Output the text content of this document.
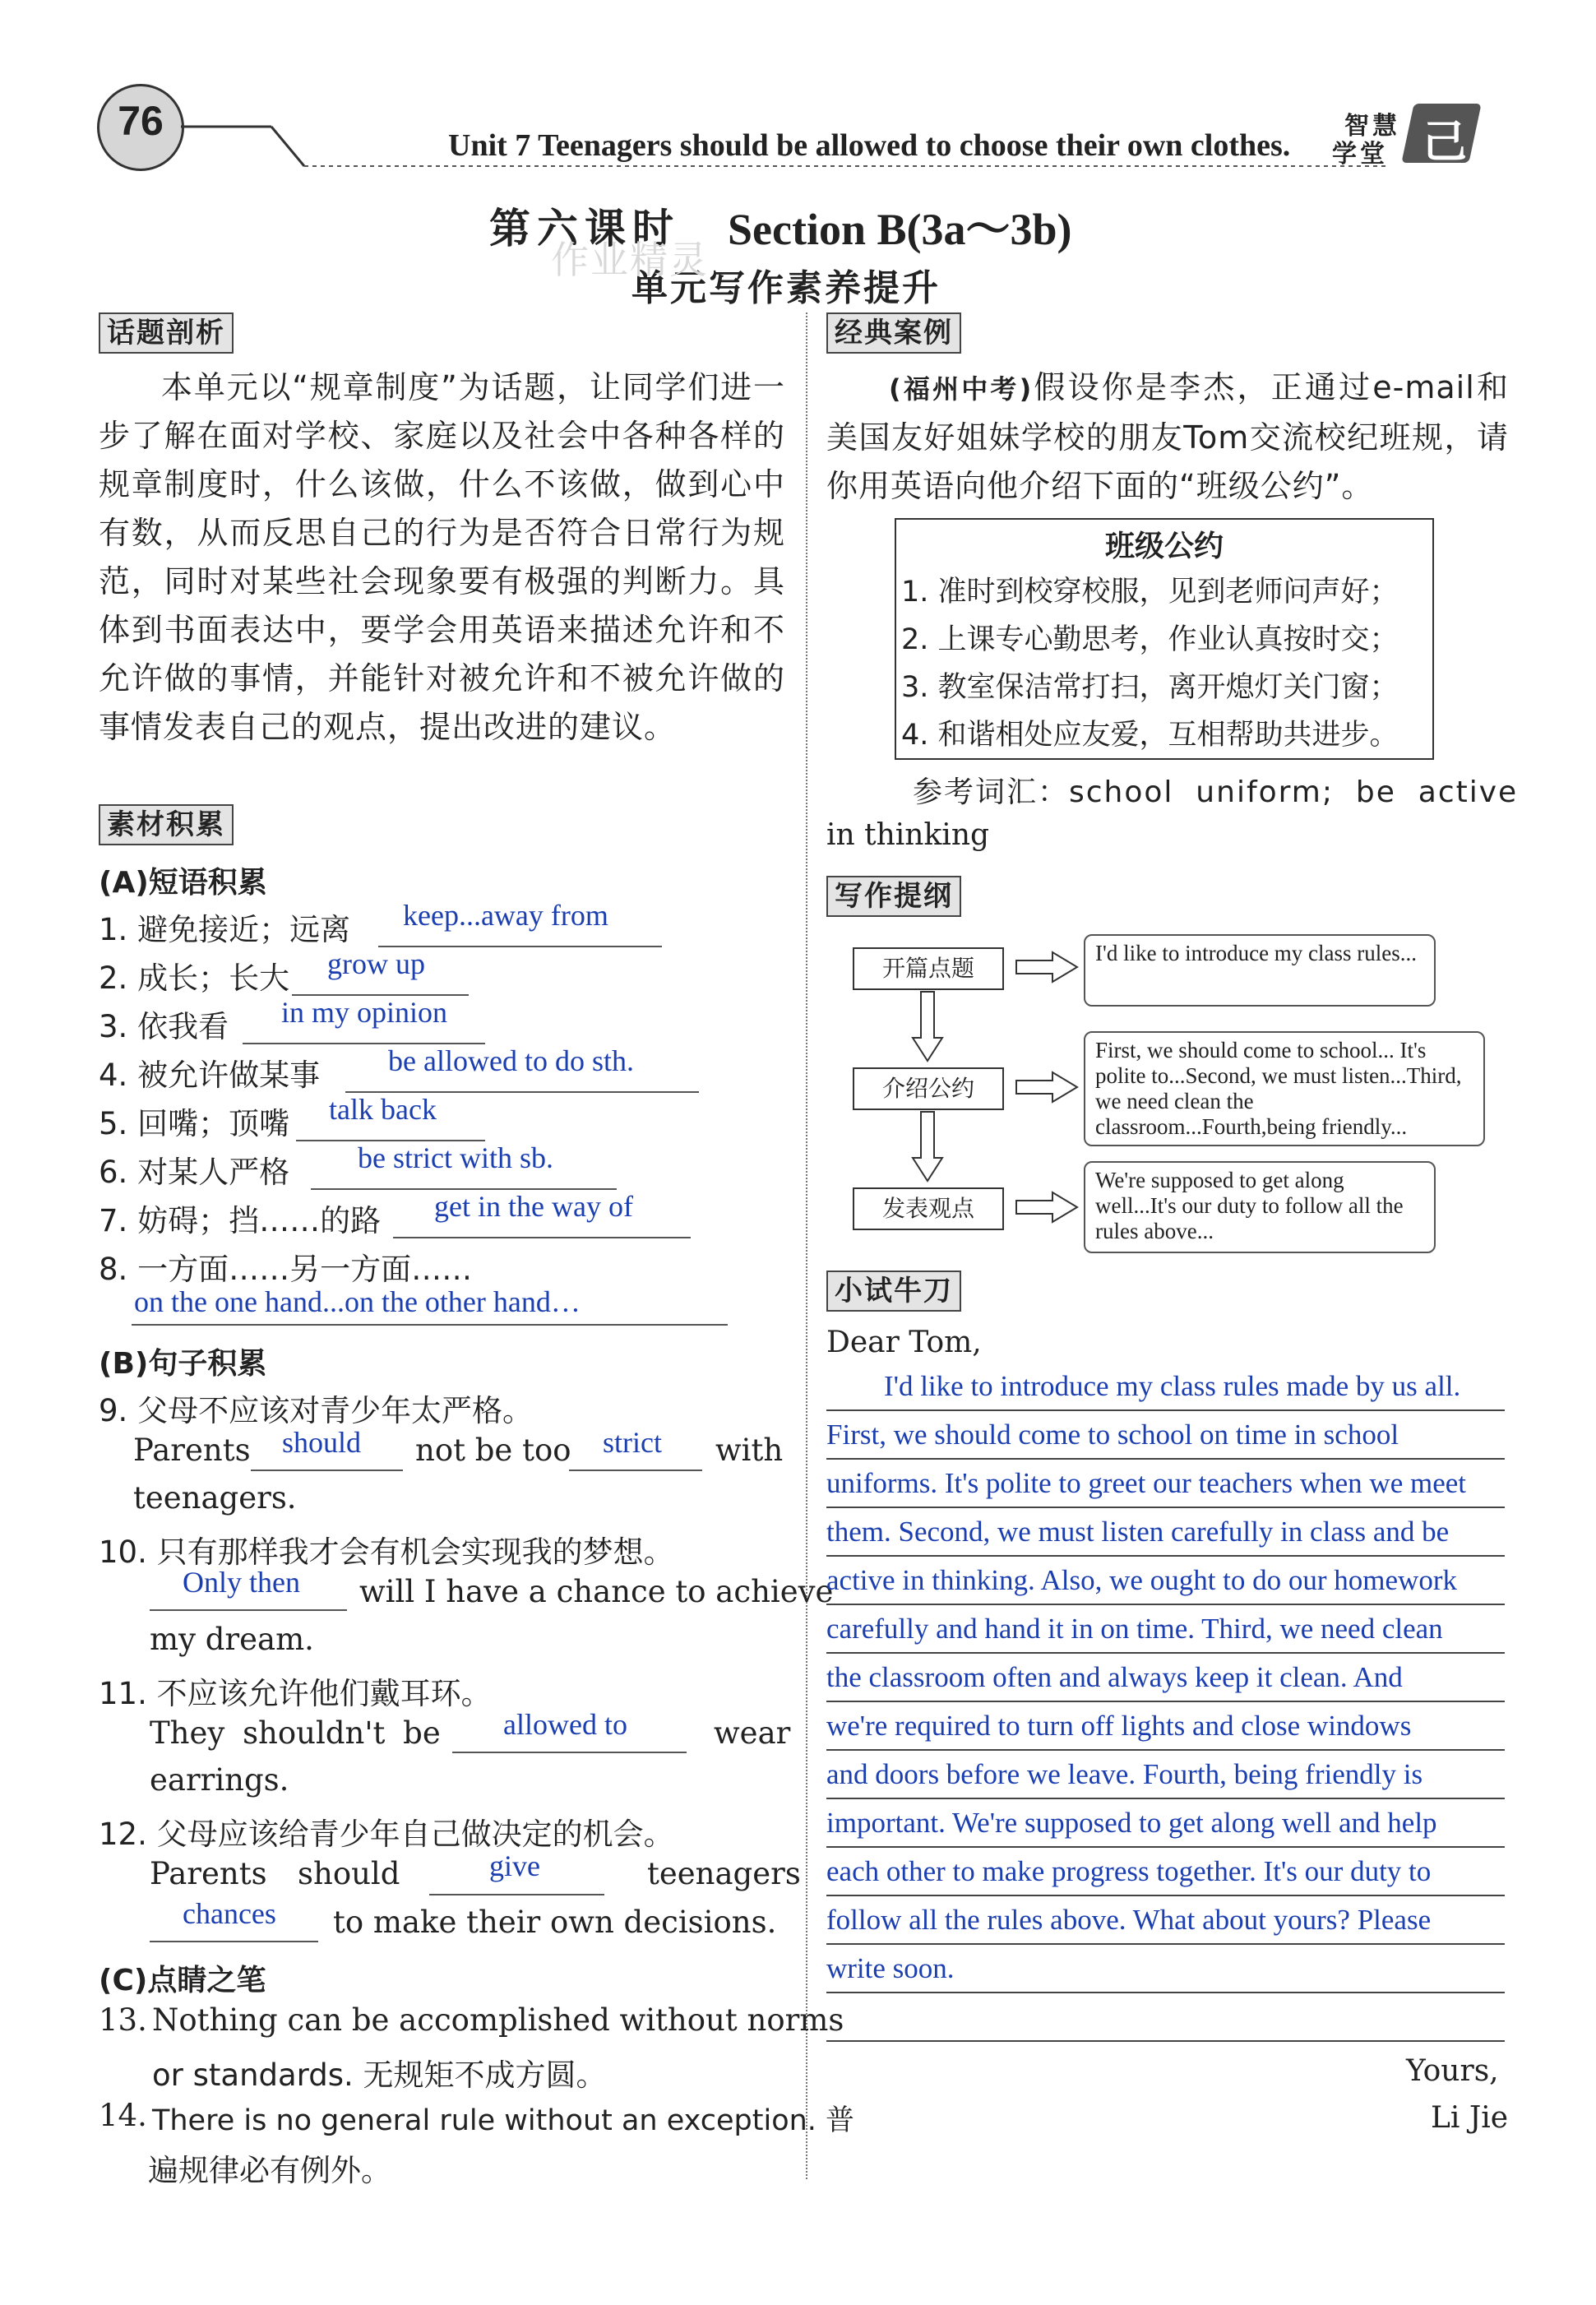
76
Unit 7 Teenagers should be allowed to choose their own clothes.
智慧
学堂 己
第六课时 Section B(3a～3b)
单元写作素养提升
作业精灵
话题剖析
本单元以“规章制度”为话题，让同学们进一步了解在面对学校、家庭以及社会中各种各样的规章制度时，什么该做，什么不该做，做到心中有数，从而反思自己的行为是否符合日常行为规范，同时对某些社会现象要有极强的判断力。具体到书面表达中，要学会用英语来描述允许和不允许做的事情，并能针对被允许和不被允许做的事情发表自己的观点，提出改进的建议。
素材积累
(A)短语积累
1. 避免接近；远离 keep...away from
2. 成长；长大 grow up
3. 依我看 in my opinion
4. 被允许做某事 be allowed to do sth.
5. 回嘴；顶嘴 talk back
6. 对某人严格 be strict with sb.
7. 妨碍；挡……的路 get in the way of
8. 一方面……另一方面……
on the one hand...on the other hand…
(B)句子积累
9. 父母不应该对青少年太严格。
Parents should not be too strict with
teenagers.
10. 只有那样我才会有机会实现我的梦想。
Only then will I have a chance to achieve
my dream.
11. 不应该允许他们戴耳环。
They shouldn't be allowed to	wear
earrings.
12. 父母应该给青少年自己做决定的机会。
Parents should	give	teenagers
chances to make their own decisions.
(C)点睛之笔
13. Nothing can be accomplished without norms
or standards. 无规矩不成方圆。
14. There is no general rule without an exception. 普
遍规律必有例外。
经典案例
(福州中考)假设你是李杰，正通过e-mail和美国友好姐妹学校的朋友Tom交流校纪班规，请你用英语向他介绍下面的“班级公约”。
班级公约
1. 准时到校穿校服，见到老师问声好；
2. 上课专心勤思考，作业认真按时交；
3. 教室保洁常打扫，离开熄灯关门窗；
4. 和谐相处应友爱，互相帮助共进步。
参考词汇：school  uniform;  be  active
in thinking
写作提纲
开篇点题
介绍公约
发表观点
I'd like to introduce my class rules...
First, we should come to school... It's polite to...Second, we must listen...Third, we need clean the classroom...Fourth,being friendly...
We're supposed to get along well...It's our duty to follow all the rules above...
小试牛刀
Dear Tom,
I'd like to introduce my class rules made by us all.
First, we should come to school on time in school
uniforms. It's polite to greet our teachers when we meet
them. Second, we must listen carefully in class and be
active in thinking. Also, we ought to do our homework
carefully and hand it in on time. Third, we need clean
the classroom often and always keep it clean. And
we're required to turn off lights and close windows
and doors before we leave. Fourth, being friendly is
important. We're supposed to get along well and help
each other to make progress together. It's our duty to
follow all the rules above. What about yours? Please
write soon.
Yours,
Li Jie
